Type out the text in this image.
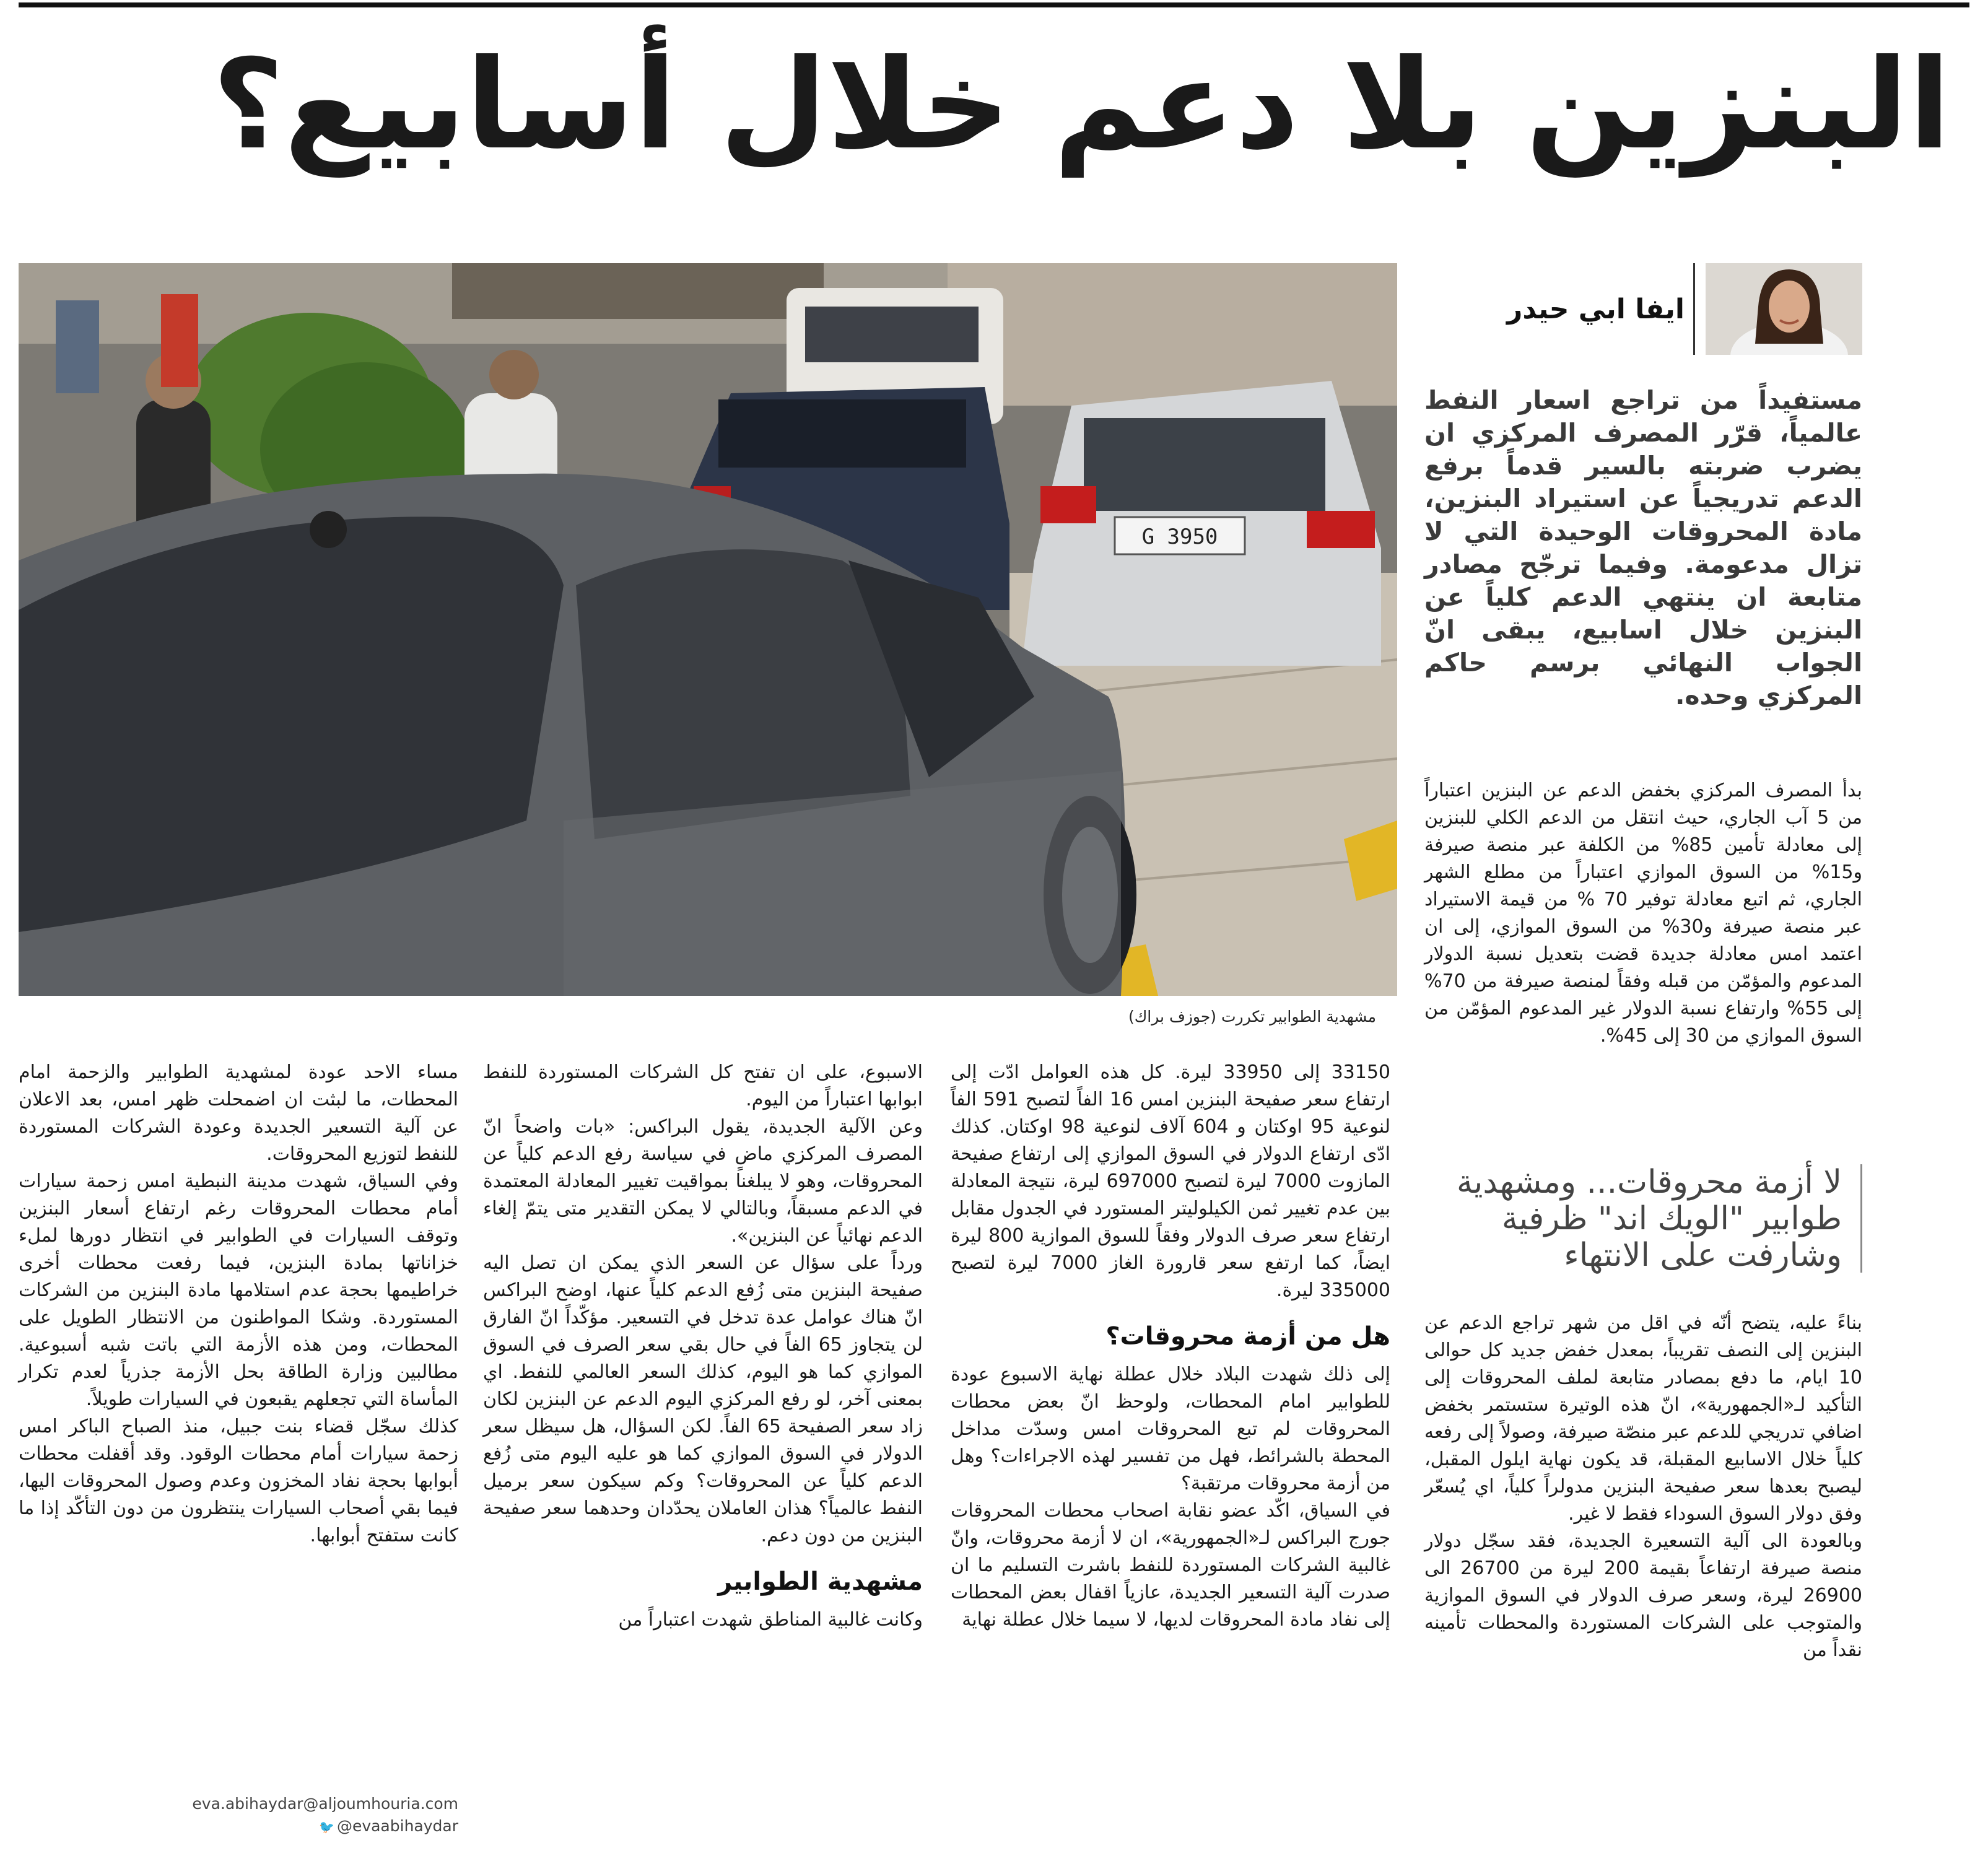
البنزين بلا دعم خلال أسابيع؟
G 3950
مشهدية الطوابير تكررت (جوزف براك)
ايفا ابي حيدر
مستفيداً من تراجع اسعار النفط عالمياً، قرّر المصرف المركزي ان يضرب ضربته بالسير قدماً برفع الدعم تدريجياً عن استيراد البنزين، مادة المحروقات الوحيدة التي لا تزال مدعومة. وفيما ترجّح مصادر متابعة ان ينتهي الدعم كلياً عن البنزين خلال اسابيع، يبقى انّ الجواب النهائي برسم حاكم المركزي وحده.

بدأ المصرف المركزي بخفض الدعم عن البنزين اعتباراً من 5 آب الجاري، حيث انتقل من الدعم الكلي للبنزين إلى معادلة تأمين 85% من الكلفة عبر منصة صيرفة و15% من السوق الموازي اعتباراً من مطلع الشهر الجاري، ثم اتبع معادلة توفير 70 % من قيمة الاستيراد عبر منصة صيرفة و30% من السوق الموازي، إلى ان اعتمد امس معادلة جديدة قضت بتعديل نسبة الدولار المدعوم والمؤمّن من قبله وفقاً لمنصة صيرفة من 70% إلى 55% وارتفاع نسبة الدولار غير المدعوم المؤمّن من السوق الموازي من 30 إلى 45%.

لا أزمة محروقات... ومشهدية طوابير "الويك اند" ظرفية وشارفت على الانتهاء

بناءً عليه، يتضح أنّه في اقل من شهر تراجع الدعم عن البنزين إلى النصف تقريباً، بمعدل خفض جديد كل حوالى 10 ايام، ما دفع بمصادر متابعة لملف المحروقات إلى التأكيد لـ«الجمهورية»، انّ هذه الوتيرة ستستمر بخفض اضافي تدريجي للدعم عبر منصّة صيرفة، وصولاً إلى رفعه كلياً خلال الاسابيع المقبلة، قد يكون نهاية ايلول المقبل، ليصبح بعدها سعر صفيحة البنزين مدولراً كلياً، اي يُسعّر وفق دولار السوق السوداء فقط لا غير.

وبالعودة الى آلية التسعيرة الجديدة، فقد سجّل دولار منصة صيرفة ارتفاعاً بقيمة 200 ليرة من 26700 الى 26900 ليرة، وسعر صرف الدولار في السوق الموازية والمتوجب على الشركات المستوردة والمحطات تأمينه نقداً من

33150 إلى 33950 ليرة. كل هذه العوامل ادّت إلى ارتفاع سعر صفيحة البنزين امس 16 الفاً لتصبح 591 الفاً لنوعية 95 اوكتان و 604 آلاف لنوعية 98 اوكتان. كذلك ادّى ارتفاع الدولار في السوق الموازي إلى ارتفاع صفيحة المازوت 7000 ليرة لتصبح 697000 ليرة، نتيجة المعادلة بين عدم تغيير ثمن الكيلوليتر المستورد في الجدول مقابل ارتفاع سعر صرف الدولار وفقاً للسوق الموازية 800 ليرة ايضاً، كما ارتفع سعر قارورة الغاز 7000 ليرة لتصبح 335000 ليرة.

هل من أزمة محروقات؟

إلى ذلك شهدت البلاد خلال عطلة نهاية الاسبوع عودة للطوابير امام المحطات، ولوحظ انّ بعض محطات المحروقات لم تبع المحروقات امس وسدّت مداخل المحطة بالشرائط، فهل من تفسير لهذه الاجراءات؟ وهل من أزمة محروقات مرتقبة؟

في السياق، اكّد عضو نقابة اصحاب محطات المحروقات جورج البراكس لـ«الجمهورية»، ان لا أزمة محروقات، وانّ غالبية الشركات المستوردة للنفط باشرت التسليم ما ان صدرت آلية التسعير الجديدة، عازياً اقفال بعض المحطات إلى نفاد مادة المحروقات لديها، لا سيما خلال عطلة نهاية

الاسبوع، على ان تفتح كل الشركات المستوردة للنفط ابوابها اعتباراً من اليوم.

وعن الآلية الجديدة، يقول البراكس: «بات واضحاً انّ المصرف المركزي ماضٍ في سياسة رفع الدعم كلياً عن المحروقات، وهو لا يبلغنا بمواقيت تغيير المعادلة المعتمدة في الدعم مسبقاً، وبالتالي لا يمكن التقدير متى يتمّ إلغاء الدعم نهائياً عن البنزين».

ورداً على سؤال عن السعر الذي يمكن ان تصل اليه صفيحة البنزين متى زُفع الدعم كلياً عنها، اوضح البراكس انّ هناك عوامل عدة تدخل في التسعير. مؤكّداً انّ الفارق لن يتجاوز 65 الفاً في حال بقي سعر الصرف في السوق الموازي كما هو اليوم، كذلك السعر العالمي للنفط. اي بمعنى آخر، لو رفع المركزي اليوم الدعم عن البنزين لكان زاد سعر الصفيحة 65 الفاً. لكن السؤال، هل سيظل سعر الدولار في السوق الموازي كما هو عليه اليوم متى زُفع الدعم كلياً عن المحروقات؟ وكم سيكون سعر برميل النفط عالمياً؟ هذان العاملان يحدّدان وحدهما سعر صفيحة البنزين من دون دعم.

مشهدية الطوابير

وكانت غالبية المناطق شهدت اعتباراً من

مساء الاحد عودة لمشهدية الطوابير والزحمة امام المحطات، ما لبثت ان اضمحلت ظهر امس، بعد الاعلان عن آلية التسعير الجديدة وعودة الشركات المستوردة للنفط لتوزيع المحروقات.

وفي السياق، شهدت مدينة النبطية امس زحمة سيارات أمام محطات المحروقات رغم ارتفاع أسعار البنزين وتوقف السيارات في الطوابير في انتظار دورها لملء خزاناتها بمادة البنزين، فيما رفعت محطات أخرى خراطيمها بحجة عدم استلامها مادة البنزين من الشركات المستوردة. وشكا المواطنون من الانتظار الطويل على المحطات، ومن هذه الأزمة التي باتت شبه أسبوعية. مطالبين وزارة الطاقة بحل الأزمة جذرياً لعدم تكرار المأساة التي تجعلهم يقبعون في السيارات طويلاً.

كذلك سجّل قضاء بنت جبيل، منذ الصباح الباكر امس زحمة سيارات أمام محطات الوقود. وقد أقفلت محطات أبوابها بحجة نفاد المخزون وعدم وصول المحروقات اليها، فيما بقي أصحاب السيارات ينتظرون من دون التأكّد إذا ما كانت ستفتح أبوابها.

eva.abihaydar@aljoumhouria.com
🐦 @evaabihaydar
